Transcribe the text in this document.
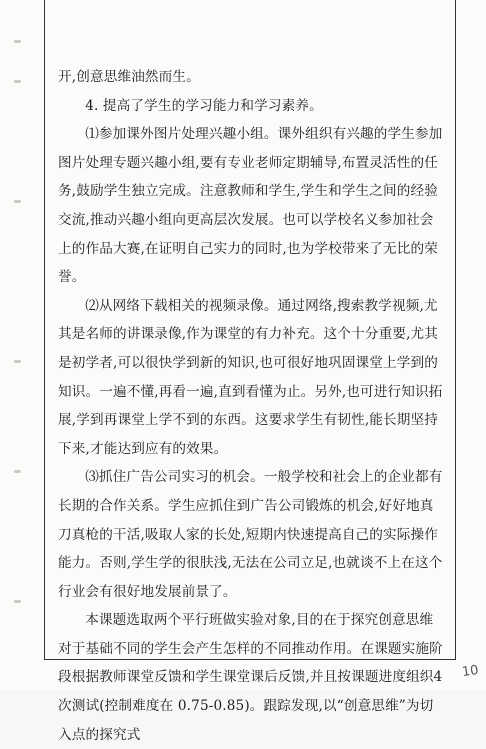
开,创意思维油然而生。

4. 提高了学生的学习能力和学习素养。

⑴参加课外图片处理兴趣小组。课外组织有兴趣的学生参加图片处理专题兴趣小组,要有专业老师定期辅导,布置灵活性的任务,鼓励学生独立完成。注意教师和学生,学生和学生之间的经验交流,推动兴趣小组向更高层次发展。也可以学校名义参加社会上的作品大赛,在证明自己实力的同时,也为学校带来了无比的荣誉。

⑵从网络下载相关的视频录像。通过网络,搜索教学视频,尤其是名师的讲课录像,作为课堂的有力补充。这个十分重要,尤其是初学者,可以很快学到新的知识,也可很好地巩固课堂上学到的知识。一遍不懂,再看一遍,直到看懂为止。另外,也可进行知识拓展,学到再课堂上学不到的东西。这要求学生有韧性,能长期坚持下来,才能达到应有的效果。

⑶抓住广告公司实习的机会。一般学校和社会上的企业都有长期的合作关系。学生应抓住到广告公司锻炼的机会,好好地真刀真枪的干活,吸取人家的长处,短期内快速提高自己的实际操作能力。否则,学生学的很肤浅,无法在公司立足,也就谈不上在这个行业会有很好地发展前景了。

本课题选取两个平行班做实验对象,目的在于探究创意思维对于基础不同的学生会产生怎样的不同推动作用。在课题实施阶段根据教师课堂反馈和学生课堂课后反馈,并且按课题进度组织4次测试(控制难度在 0.75-0.85)。跟踪发现,以“创意思维”为切入点的探究式

10
